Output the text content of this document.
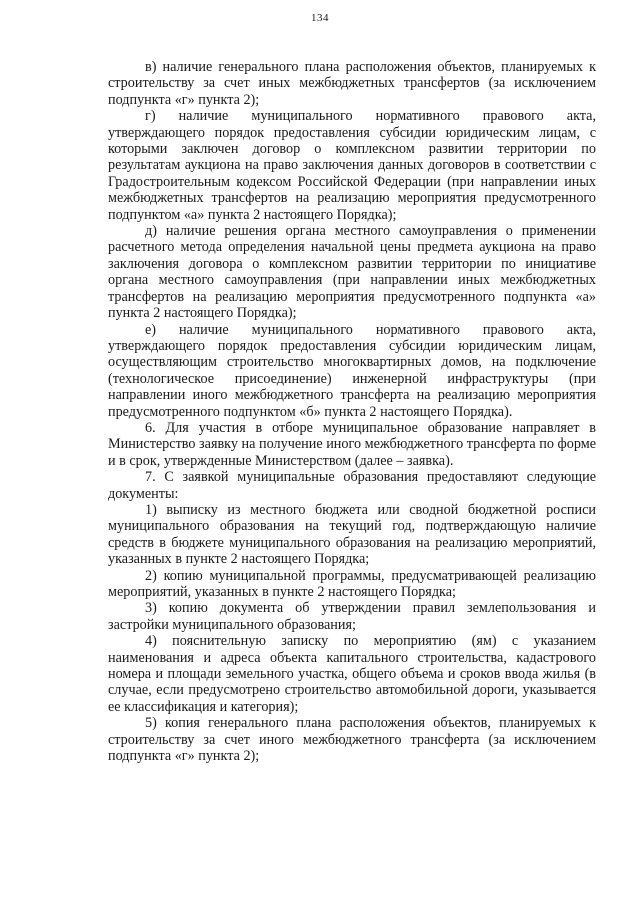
134

в) наличие генерального плана расположения объектов, планируемых к строительству за счет иных межбюджетных трансфертов (за исключением подпункта «г» пункта 2);

г) наличие муниципального нормативного правового акта, утверждающего порядок предоставления субсидии юридическим лицам, с которыми заключен договор о комплексном развитии территории по результатам аукциона на право заключения данных договоров в соответствии с Градостроительным кодексом Российской Федерации (при направлении иных межбюджетных трансфертов на реализацию мероприятия предусмотренного подпунктом «а» пункта 2 настоящего Порядка);

д) наличие решения органа местного самоуправления о применении расчетного метода определения начальной цены предмета аукциона на право заключения договора о комплексном развитии территории по инициативе органа местного самоуправления (при направлении иных межбюджетных трансфертов на реализацию мероприятия предусмотренного подпункта «а» пункта 2 настоящего Порядка);

е) наличие муниципального нормативного правового акта, утверждающего порядок предоставления субсидии юридическим лицам, осуществляющим строительство многоквартирных домов, на подключение (технологическое присоединение) инженерной инфраструктуры (при направлении иного межбюджетного трансферта на реализацию мероприятия предусмотренного подпунктом «б» пункта 2 настоящего Порядка).

6. Для участия в отборе муниципальное образование направляет в Министерство заявку на получение иного межбюджетного трансферта по форме и в срок, утвержденные Министерством (далее – заявка).

7. С заявкой муниципальные образования предоставляют следующие документы:

1) выписку из местного бюджета или сводной бюджетной росписи муниципального образования на текущий год, подтверждающую наличие средств в бюджете муниципального образования на реализацию мероприятий, указанных в пункте 2 настоящего Порядка;

2) копию муниципальной программы, предусматривающей реализацию мероприятий, указанных в пункте 2 настоящего Порядка;

3) копию документа об утверждении правил землепользования и застройки муниципального образования;

4) пояснительную записку по мероприятию (ям) с указанием наименования и адреса объекта капитального строительства, кадастрового номера и площади земельного участка, общего объема и сроков ввода жилья (в случае, если предусмотрено строительство автомобильной дороги, указывается ее классификация и категория);

5) копия генерального плана расположения объектов, планируемых к строительству за счет иного межбюджетного трансферта (за исключением подпункта «г» пункта 2);
